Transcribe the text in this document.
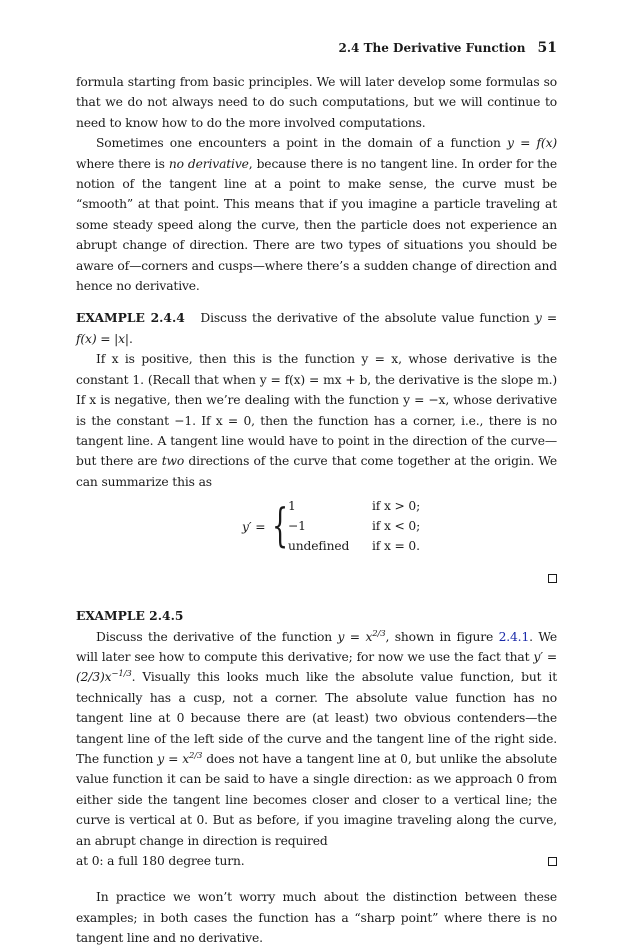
2.4 The Derivative Function 51

formula starting from basic principles. We will later develop some formulas so that we do not always need to do such computations, but we will continue to need to know how to do the more involved computations.

Sometimes one encounters a point in the domain of a function y = f(x) where there is no derivative, because there is no tangent line. In order for the notion of the tangent line at a point to make sense, the curve must be “smooth” at that point. This means that if you imagine a particle traveling at some steady speed along the curve, then the particle does not experience an abrupt change of direction. There are two types of situations you should be aware of—corners and cusps—where there’s a sudden change of direction and hence no derivative.

EXAMPLE 2.4.4 Discuss the derivative of the absolute value function y = f(x) = |x|.

If x is positive, then this is the function y = x, whose derivative is the constant 1. (Recall that when y = f(x) = mx + b, the derivative is the slope m.) If x is negative, then we’re dealing with the function y = −x, whose derivative is the constant −1. If x = 0, then the function has a corner, i.e., there is no tangent line. A tangent line would have to point in the direction of the curve—but there are two directions of the curve that come together at the origin. We can summarize this as

y′ = { 1	if x > 0;
−1	if x < 0;
undefined if x = 0.

EXAMPLE 2.4.5

Discuss the derivative of the function $y = x^{2/3}$, shown in figure 2.4.1. We will later see how to compute this derivative; for now we use the fact that $y' = (2/3)x^{-1/3}$. Visually this looks much like the absolute value function, but it technically has a cusp, not a corner. The absolute value function has no tangent line at 0 because there are (at least) two obvious contenders—the tangent line of the left side of the curve and the tangent line of the right side. The function $y = x^{2/3}$ does not have a tangent line at 0, but unlike the absolute value function it can be said to have a single direction: as we approach 0 from either side the tangent line becomes closer and closer to a vertical line; the curve is vertical at 0. But as before, if you imagine traveling along the curve, an abrupt change in direction is required

at 0: a full 180 degree turn.

In practice we won’t worry much about the distinction between these examples; in both cases the function has a “sharp point” where there is no tangent line and no derivative.
